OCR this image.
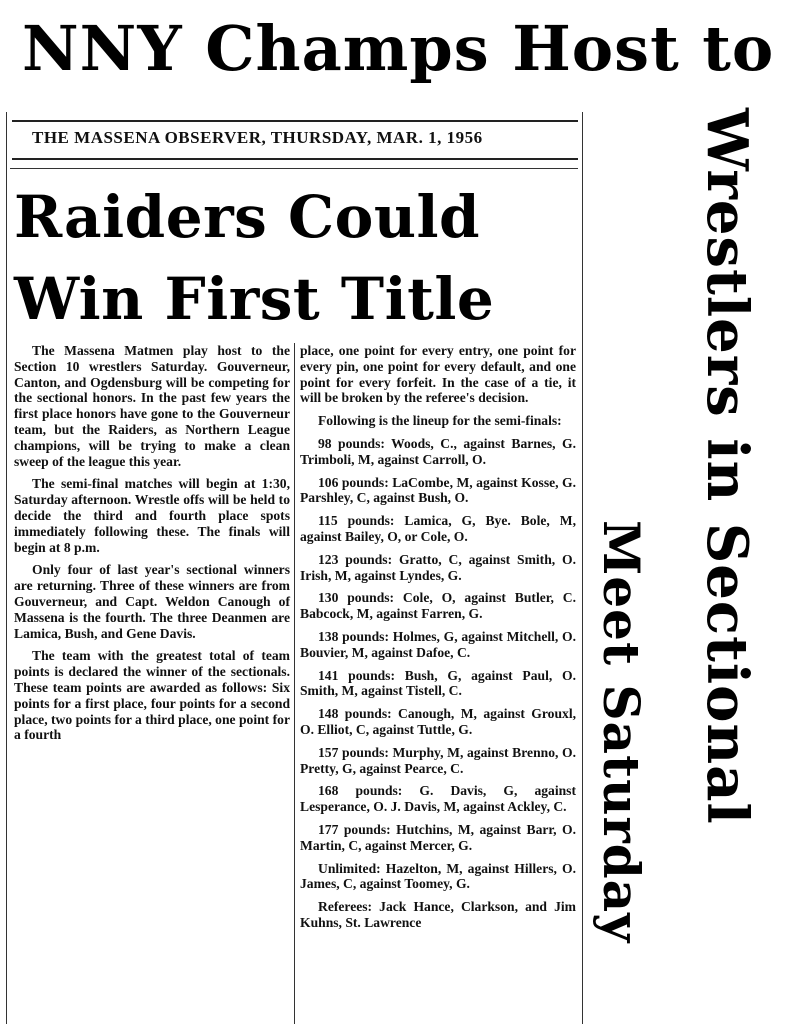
NNY Champs Host to
THE MASSENA OBSERVER, THURSDAY, MAR. 1, 1956
Raiders Could
Win First Title

The Massena Matmen play host to the Section 10 wrestlers Saturday. Gouverneur, Canton, and Ogdensburg will be competing for the sectional honors. In the past few years the first place honors have gone to the Gouverneur team, but the Raiders, as Northern League champions, will be trying to make a clean sweep of the league this year.

The semi-final matches will begin at 1:30, Saturday afternoon. Wrestle offs will be held to decide the third and fourth place spots immediately following these. The finals will begin at 8 p.m.

Only four of last year's sectional winners are returning. Three of these winners are from Gouverneur, and Capt. Weldon Canough of Massena is the fourth. The three Deanmen are Lamica, Bush, and Gene Davis.

The team with the greatest total of team points is declared the winner of the sectionals. These team points are awarded as follows: Six points for a first place, four points for a second place, two points for a third place, one point for a fourth

place, one point for every entry, one point for every pin, one point for every default, and one point for every forfeit. In the case of a tie, it will be broken by the referee's decision.

Following is the lineup for the semi-finals:

98 pounds: Woods, C., against Barnes, G. Trimboli, M, against Carroll, O.

106 pounds: LaCombe, M, against Kosse, G. Parshley, C, against Bush, O.

115 pounds: Lamica, G, Bye. Bole, M, against Bailey, O, or Cole, O.

123 pounds: Gratto, C, against Smith, O. Irish, M, against Lyndes, G.

130 pounds: Cole, O, against Butler, C. Babcock, M, against Farren, G.

138 pounds: Holmes, G, against Mitchell, O. Bouvier, M, against Dafoe, C.

141 pounds: Bush, G, against Paul, O. Smith, M, against Tistell, C.

148 pounds: Canough, M, against Grouxl, O. Elliot, C, against Tuttle, G.

157 pounds: Murphy, M, against Brenno, O. Pretty, G, against Pearce, C.

168 pounds: G. Davis, G, against Lesperance, O. J. Davis, M, against Ackley, C.

177 pounds: Hutchins, M, against Barr, O. Martin, C, against Mercer, G.

Unlimited: Hazelton, M, against Hillers, O. James, C, against Toomey, G.

Referees: Jack Hance, Clarkson, and Jim Kuhns, St. Lawrence

Wrestlers in Sectional
Meet Saturday
